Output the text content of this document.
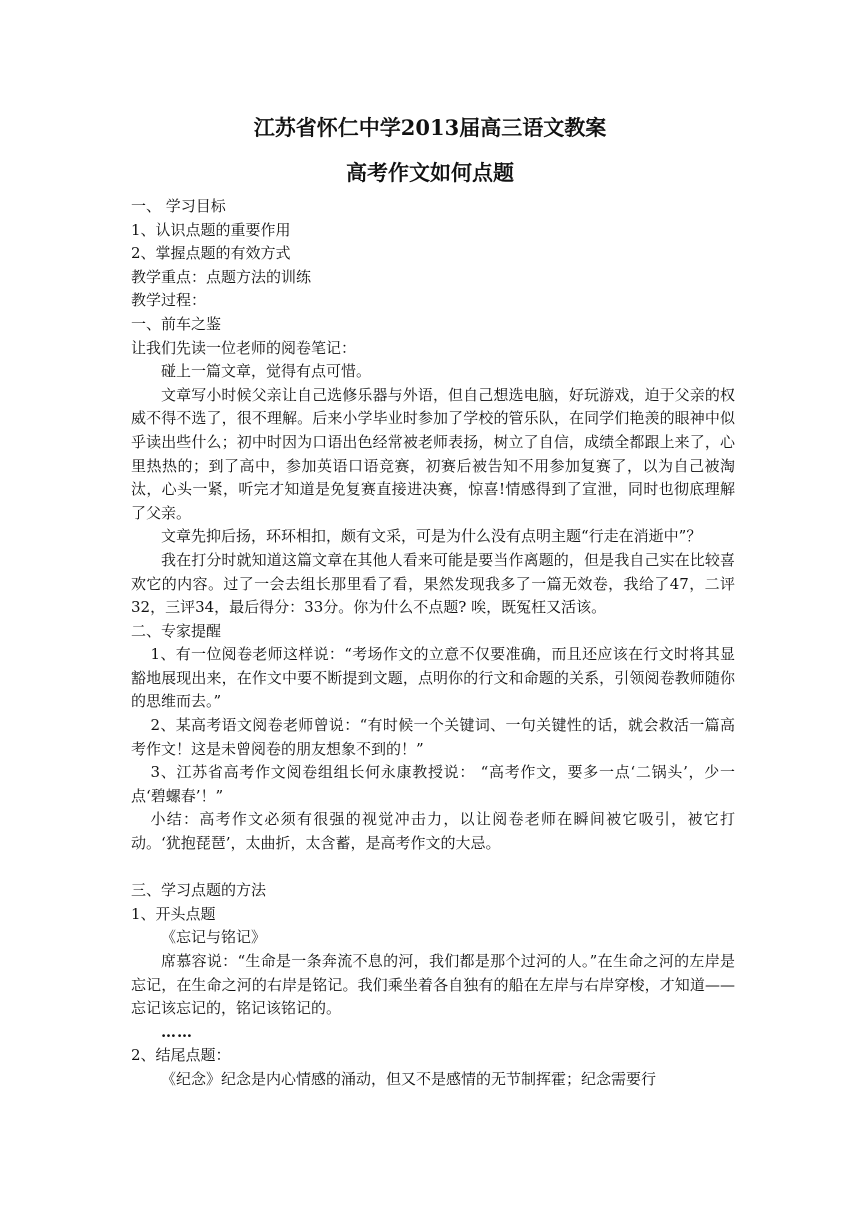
江苏省怀仁中学2013届高三语文教案
高考作文如何点题

一、 学习目标

1、认识点题的重要作用

2、掌握点题的有效方式

教学重点：点题方法的训练

教学过程：

一、前车之鉴

让我们先读一位老师的阅卷笔记：

碰上一篇文章，觉得有点可惜。

文章写小时候父亲让自己选修乐器与外语，但自己想选电脑，好玩游戏，迫于父亲的权威不得不选了，很不理解。后来小学毕业时参加了学校的管乐队，在同学们艳羡的眼神中似乎读出些什么；初中时因为口语出色经常被老师表扬，树立了自信，成绩全都跟上来了，心里热热的；到了高中，参加英语口语竞赛，初赛后被告知不用参加复赛了，以为自己被淘汰，心头一紧，听完才知道是免复赛直接进决赛，惊喜!情感得到了宣泄，同时也彻底理解了父亲。

文章先抑后扬，环环相扣，颇有文采，可是为什么没有点明主题“行走在消逝中”？

我在打分时就知道这篇文章在其他人看来可能是要当作离题的，但是我自己实在比较喜欢它的内容。过了一会去组长那里看了看，果然发现我多了一篇无效卷，我给了47，二评32，三评34，最后得分：33分。你为什么不点题? 唉，既冤枉又活该。

二、专家提醒

1、有一位阅卷老师这样说：“考场作文的立意不仅要准确，而且还应该在行文时将其显豁地展现出来，在作文中要不断提到文题，点明你的行文和命题的关系，引领阅卷教师随你的思维而去。”

2、某高考语文阅卷老师曾说：“有时候一个关键词、一句关键性的话，就会救活一篇高考作文！这是未曾阅卷的朋友想象不到的！”

3、江苏省高考作文阅卷组组长何永康教授说： “高考作文，要多一点‘二锅头’，少一点‘碧螺春’！”

小结：高考作文必须有很强的视觉冲击力，以让阅卷老师在瞬间被它吸引，被它打动。‘犹抱琵琶’，太曲折，太含蓄，是高考作文的大忌。

三、学习点题的方法

1、开头点题

《忘记与铭记》

席慕容说：“生命是一条奔流不息的河，我们都是那个过河的人。”在生命之河的左岸是忘记，在生命之河的右岸是铭记。我们乘坐着各自独有的船在左岸与右岸穿梭，才知道——忘记该忘记的，铭记该铭记的。

……

2、结尾点题：

《纪念》纪念是内心情感的涌动，但又不是感情的无节制挥霍；纪念需要行
